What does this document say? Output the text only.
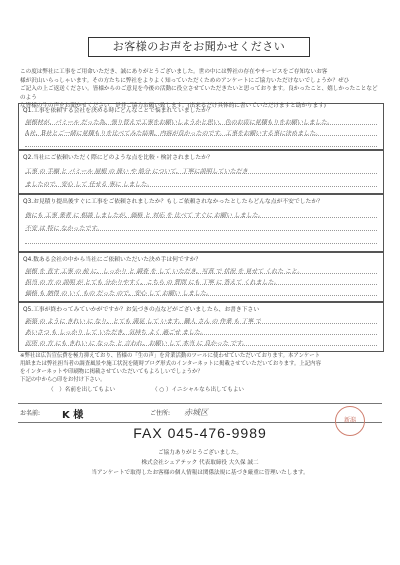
お客様のお声をお聞かせください
この度は弊社に工事をご用命いただき、誠にありがとうございました。世の中には弊社の存在やサービスをご存知ないお客
様が沢山いらっしゃいます。その方たちに弊社をよりよく知っていただくためのアンケートにご協力いただけないでしょうか？ぜひ
ご記入の上ご返送ください。皆様からのご意見を今後の活動に役立させていただきたいと思っております。良かったこと、嬉しかったことなどのよう
な皆様の生の声をお聞かせください。是非ご協力お願い致します。(出来るだけ具体的に書いていただけますと助かります)
Q1.工事を依頼する会社を決める時にどんなことで悩まれていましたか？
屋根材が、パミール だった為、張り替えで工事をお願いしようかと思い、色のお店に見積もりをお願いしました。
A社、B社とご一緒に見積もりを比べてみた結果、内容が良かったのです。工事をお願いする事に決めました。
Q2.当社にご依頼いただく際にどのような点を比較・検討されましたか？
工事 の 手順 と パミール 屋根 の 扱い や 処分 について、丁寧に説明していただき
ましたので、安心 して 任せる 事に しました。
Q3.お見積り提出後すぐに工事をご依頼されましたか？もしご依頼されなかったとしたらどんな点が不安でしたか？
他にも 工事 業者 に 相談 しましたが、価格 と 対応 を 比べて すぐに お願い しました。
不安 は 特に なかったです。
Q4.数ある会社の中から当社にご依頼いただいた決め手は何ですか？
屋根 を 直す 工事 の 前 に、しっかり と 調査 を して いただき、写真 で 状況 を 見せて くれた こと。
担当 の 方 の 説明 が とても 分かりやすく、こちら の 質問 にも 丁寧 に 答えて くれました。
価格 も 納得 の いく もの だった ので、安心 して お願い しました。
Q5.工事が終わってみていかがですか？お気づきの点などがございましたら、お書き下さい
新築 の ように きれい に なり、とても 満足 して います。職人 さん の 作業 も 丁寧 で
あいさつ も しっかり して いただき、気持ち よく 過ごせ ました。
近所 の 方 にも きれい に なった と 言われ、お願い して 本当 に 良かった です。
※弊社は広告宣伝費を極力抑えており、皆様の「生の声」を営業活動のツールに使わせていただいております。本アンケート
用紙または弊社担当者の調査風景や施工状況を随時ブログ形式のインターネットに掲載させていただいております。上記内容
をインターネットや印刷物に掲載させていただいてもよろしいでしょうか？
下記の中から○印をお付け下さい。
（　）名前を出してもよい	（ ○ ）イニシャルなら出してもよい
お名前: K 様	ご住所: 赤城区
新潟
FAX 045-476-9989
ご協力ありがとうございました。
株式会社シェアテック 代表取締役 大久保 誠二
当アンケートで取得したお客様の個人情報は関係法規に基づき厳重に管理いたします。
